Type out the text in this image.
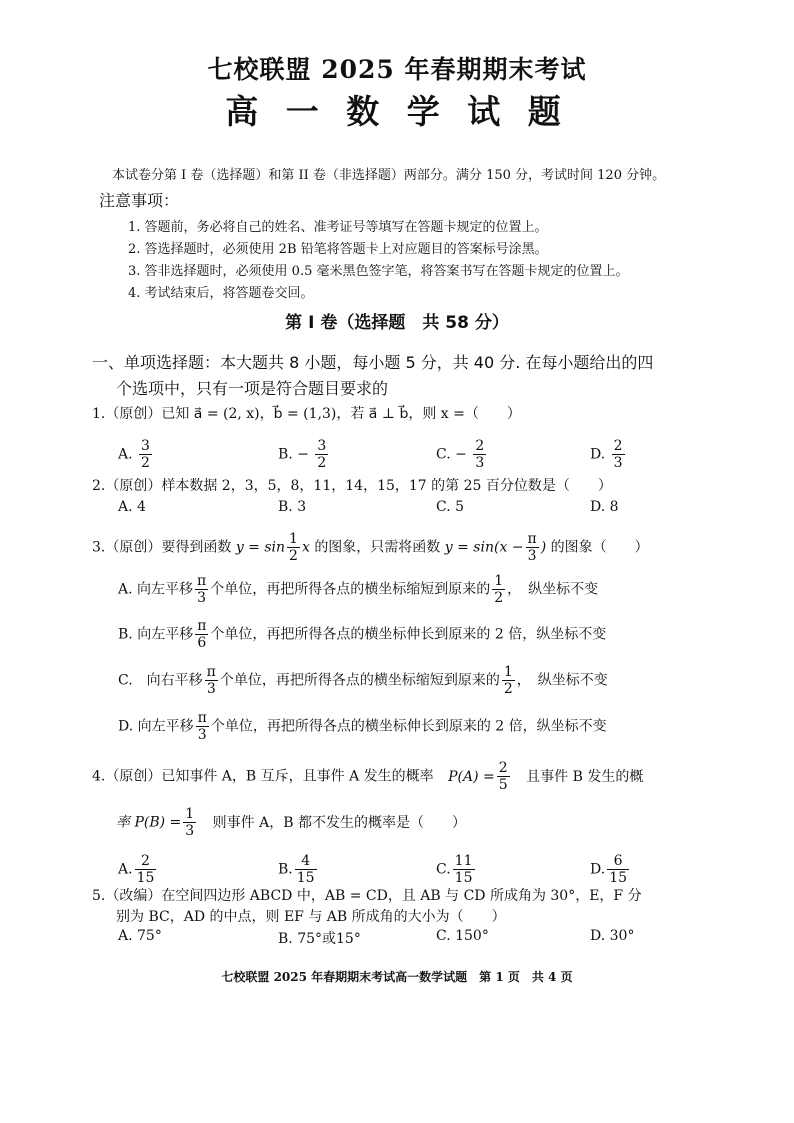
七校联盟 2025 年春期期末考试
高 一 数 学 试 题
本试卷分第 I 卷（选择题）和第 II 卷（非选择题）两部分。满分 150 分，考试时间 120 分钟。
注意事项：
1. 答题前，务必将自己的姓名、准考证号等填写在答题卡规定的位置上。
2. 答选择题时，必须使用 2B 铅笔将答题卡上对应题目的答案标号涂黑。
3. 答非选择题时，必须使用 0.5 毫米黑色签字笔，将答案书写在答题卡规定的位置上。
4. 考试结束后，将答题卷交回。
第 I 卷（选择题　共 58 分）
一、单项选择题：本大题共 8 小题，每小题 5 分，共 40 分. 在每小题给出的四
个选项中，只有一项是符合题目要求的
1.（原创）已知 a⃗ = (2, x)，b⃗ = (1,3)，若 a⃗ ⊥ b⃗，则 x =（　　）
A. $\frac{3}{2}$	B. − $\frac{3}{2}$	C. − $\frac{2}{3}$	D. $\frac{2}{3}$
2.（原创）样本数据 2，3，5，8，11，14，15，17 的第 25 百分位数是（　　）
A. 4	B. 3	C. 5	D. 8
3.（原创）要得到函数 $y = \sin \frac{1}{2}$ x 的图象，只需将函数 $y = \sin(x - \frac{\pi}{3}$ ) 的图象（　　）
A. 向左平移 $\frac{\pi}{3}$ 个单位，再把所得各点的横坐标缩短到原来的 $\frac{1}{2}$ ，　纵坐标不变
B. 向左平移 $\frac{\pi}{6}$ 个单位，再把所得各点的横坐标伸长到原来的 2 倍，纵坐标不变
C.　向右平移 $\frac{\pi}{3}$ 个单位，再把所得各点的横坐标缩短到原来的 $\frac{1}{2}$ ，　纵坐标不变
D. 向左平移 $\frac{\pi}{3}$ 个单位，再把所得各点的横坐标伸长到原来的 2 倍，纵坐标不变
4.（原创）已知事件 A，B 互斥，且事件 A 发生的概率 $P(A) = \frac{2}{5}$ 且事件 B 发生的概
率 $P(B) = \frac{1}{3}$ 则事件 A，B 都不发生的概率是（　　）
A. $\frac{2}{15}$	B. $\frac{4}{15}$	C. $\frac{11}{15}$	D. $\frac{6}{15}$
5.（改编）在空间四边形 ABCD 中，AB = CD，且 AB 与 CD 所成角为 30°，E，F 分
别为 BC，AD 的中点，则 EF 与 AB 所成角的大小为（　　）
A. 75°	B. 75°或15°	C. 150°	D. 30°
七校联盟 2025 年春期期末考试高一数学试题　第 1 页　共 4 页
